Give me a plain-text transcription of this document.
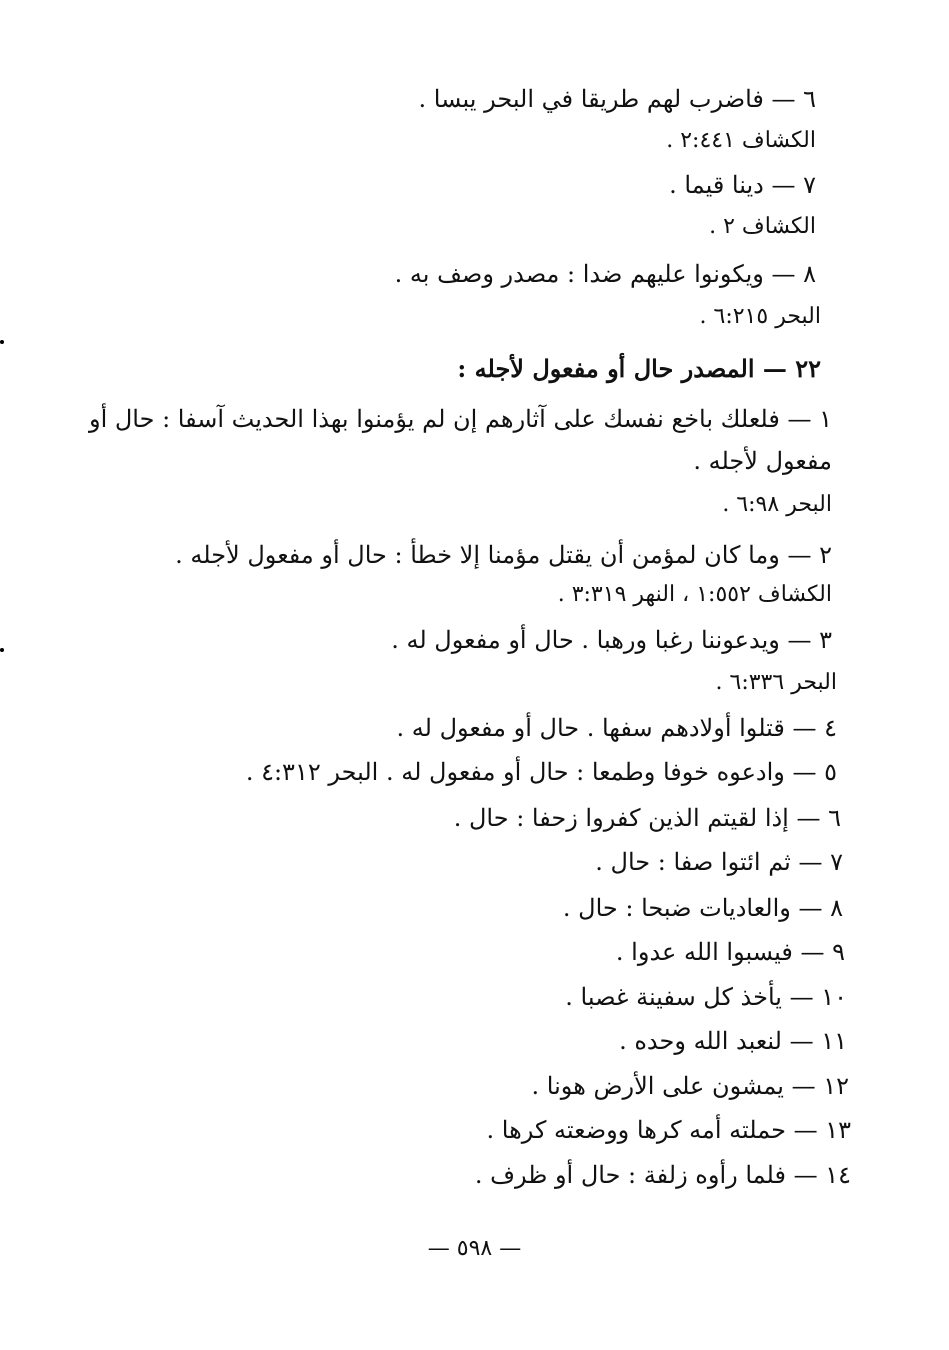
٦ — فاضرب لهم طريقا في البحر يبسا .
الكشاف ٢:٤٤١ .
٧ — دينا قيما .
الكشاف ٢ .
٨ — ويكونوا عليهم ضدا : مصدر وصف به .
البحر ٦:٢١٥ .
٢٢ — المصدر حال أو مفعول لأجله :
١ — فلعلك باخع نفسك على آثارهم إن لم يؤمنوا بهذا الحديث آسفا : حال أو
مفعول لأجله .
البحر ٦:٩٨ .
٢ — وما كان لمؤمن أن يقتل مؤمنا إلا خطأ : حال أو مفعول لأجله .
الكشاف ١:٥٥٢ ، النهر ٣:٣١٩ .
٣ — ويدعوننا رغبا ورهبا . حال أو مفعول له .
البحر ٦:٣٣٦ .
٤ — قتلوا أولادهم سفها . حال أو مفعول له .
٥ — وادعوه خوفا وطمعا : حال أو مفعول له . البحر ٤:٣١٢ .
٦ — إذا لقيتم الذين كفروا زحفا : حال .
٧ — ثم ائتوا صفا : حال .
٨ — والعاديات ضبحا : حال .
٩ — فيسبوا الله عدوا .
١٠ — يأخذ كل سفينة غصبا .
١١ — لنعبد الله وحده .
١٢ — يمشون على الأرض هونا .
١٣ — حملته أمه كرها ووضعته كرها .
١٤ — فلما رأوه زلفة : حال أو ظرف .
— ٥٩٨ —
